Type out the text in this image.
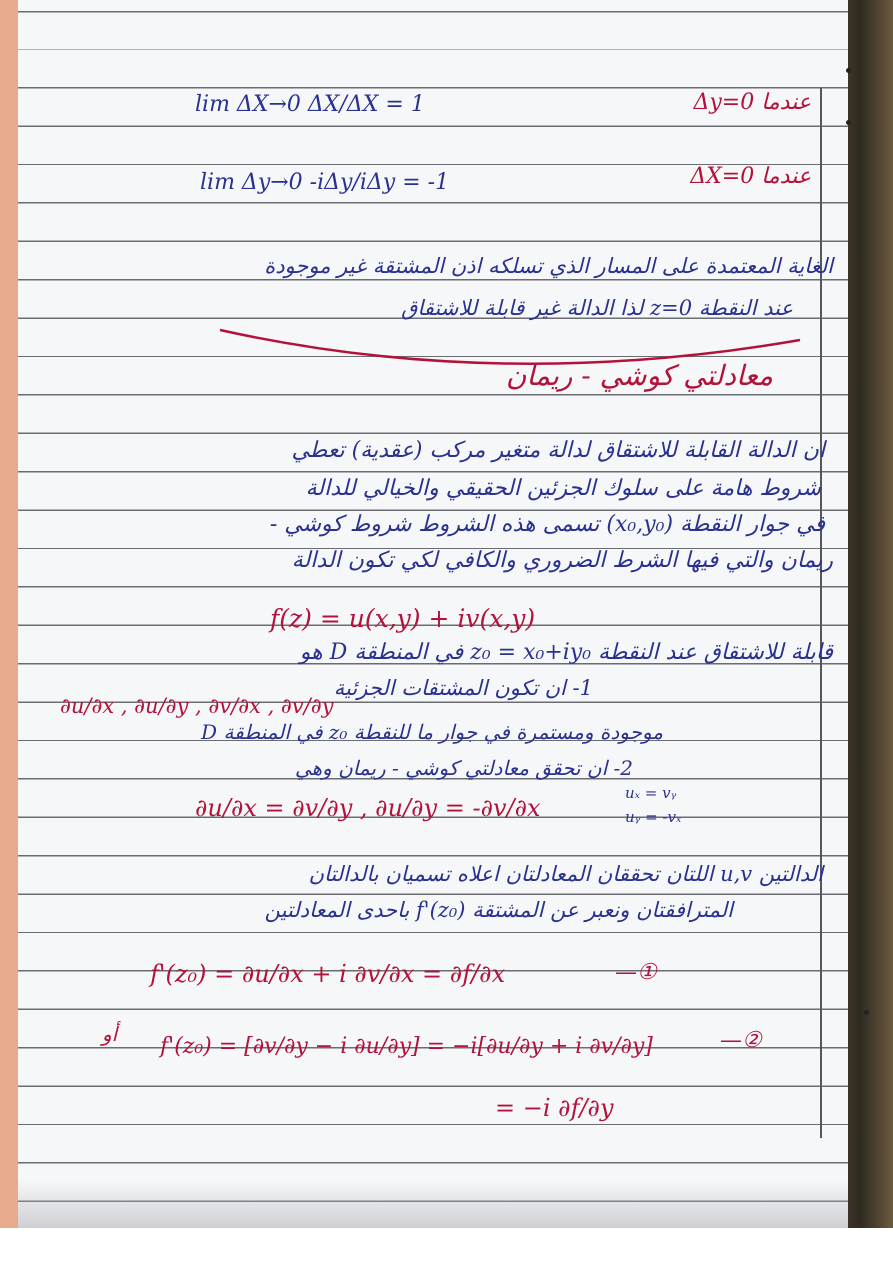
lim ΔX→0 ΔX/ΔX = 1	عندما Δy=0
lim Δy→0 -iΔy/iΔy = -1	عندما ΔX=0
الغاية المعتمدة على المسار الذي تسلكه اذن المشتقة غير موجودة
عند النقطة z=0 لذا الدالة غير قابلة للاشتقاق
معادلتي كوشي - ريمان
ان الدالة القابلة للاشتقاق لدالة متغير مركب (عقدية) تعطي
شروط هامة على سلوك الجزئين الحقيقي والخيالي للدالة
في جوار النقطة (x₀,y₀) تسمى هذه الشروط شروط كوشي -
ريمان والتي فيها الشرط الضروري والكافي لكي تكون الدالة
f(z) = u(x,y) + iv(x,y)
قابلة للاشتقاق عند النقطة z₀ = x₀+iy₀ في المنطقة D هو
1- ان تكون المشتقات الجزئية
∂u/∂x , ∂u/∂y , ∂v/∂x , ∂v/∂y
موجودة ومستمرة في جوار ما للنقطة z₀ في المنطقة D
2- ان تحقق معادلتي كوشي - ريمان وهي
∂u/∂x = ∂v/∂y , ∂u/∂y = -∂v/∂x
uₓ = vᵧ
uᵧ = -vₓ
الدالتين u,v اللتان تحققان المعادلتان اعلاه تسميان بالدالتان
المترافقتان ونعبر عن المشتقة f'(z₀) باحدى المعادلتين
f'(z₀) = ∂u/∂x + i ∂v/∂x = ∂f/∂x	—①
أو f'(z₀) = [∂v/∂y − i ∂u/∂y] = −i[∂u/∂y + i ∂v/∂y]	—②
= −i ∂f/∂y
